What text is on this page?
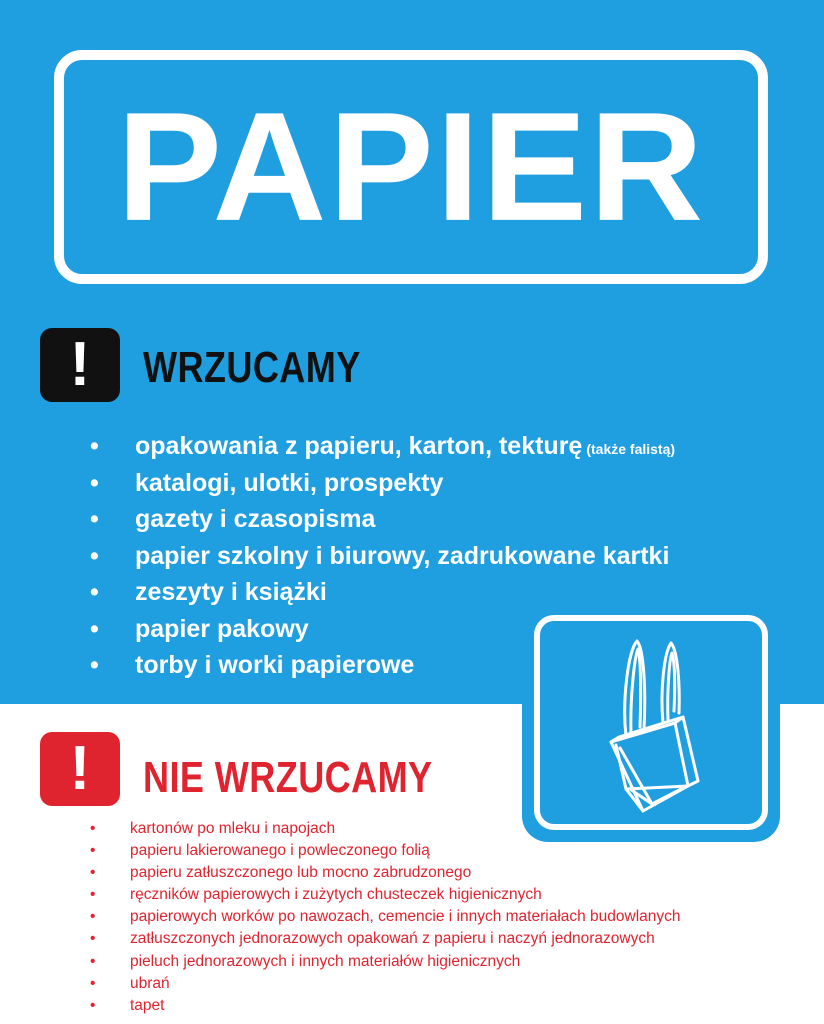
PAPIER
!	WRZUCAMY
• opakowania z papieru, karton, tekturę (także falistą)
• katalogi, ulotki, prospekty
• gazety i czasopisma
• papier szkolny i biurowy, zadrukowane kartki
• zeszyty i książki
• papier pakowy
• torby i worki papierowe
!	NIE WRZUCAMY
• kartonów po mleku i napojach
• papieru lakierowanego i powleczonego folią
• papieru zatłuszczonego lub mocno zabrudzonego
• ręczników papierowych i zużytych chusteczek higienicznych
• papierowych worków po nawozach, cemencie i innych materiałach budowlanych
• zatłuszczonych jednorazowych opakowań z papieru i naczyń jednorazowych
• pieluch jednorazowych i innych materiałów higienicznych
• ubrań
• tapet
